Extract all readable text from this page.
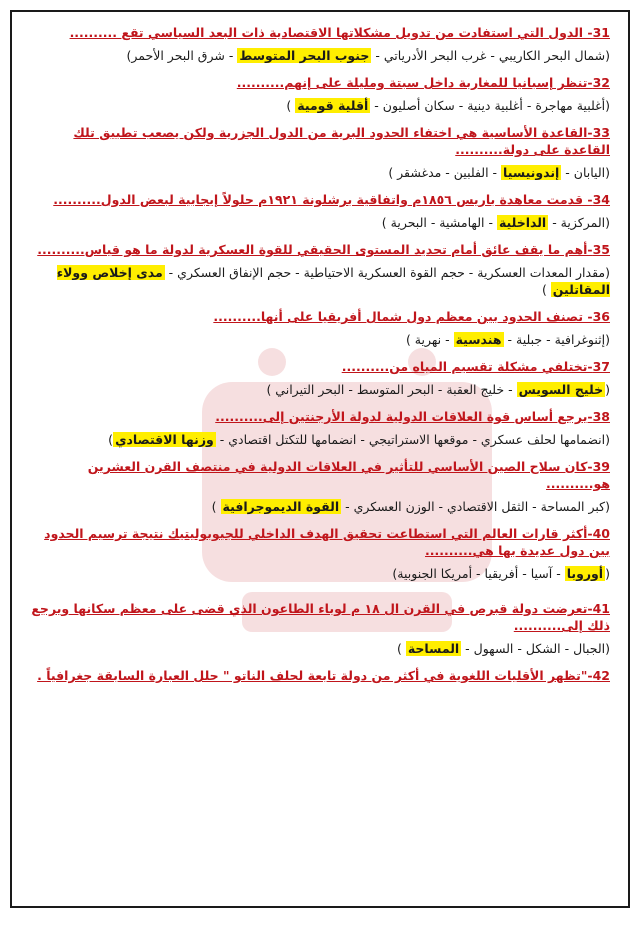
31- الدول التي استفادت من تدويل مشكلاتها الاقتصادية ذات البعد السياسي تقع ..........
(شمال البحر الكاريبي - غرب البحر الأدرياتي - جنوب البحر المتوسط - شرق البحر الأحمر)
32-تنظر إسبانيا للمغاربة داخل سبتة ومليلة على إنهم..........
(أغلبية مهاجرة - أغلبية دينية - سكان أصليون - أقلية قومية )
33-القاعدة الأساسية هي اختفاء الحدود البرية من الدول الجزرية ولكن يصعب تطبيق تلك القاعدة على دولة..........
(اليابان - إندونيسيا - الفلبين - مدغشقر )
34- قدمت معاهدة باريس ١٨٥٦م واتفاقية برشلونة ١٩٢١م حلولاً إيجابية لبعض الدول..........
(المركزية - الداخلية - الهامشية - البحرية )
35-أهم ما يقف عائق أمام تحديد المستوى الحقيقي للقوة العسكرية لدولة ما هو قياس..........
(مقدار المعدات العسكرية - حجم القوة العسكرية الاحتياطية - حجم الإنفاق العسكري - مدى إخلاص وولاء المقاتلين )
36- تصنف الحدود بين معظم دول شمال أفريقيا على أنها..........
(إثنوغرافية - جبلية - هندسية - نهرية )
37-تختلفي مشكلة تقسيم المياه من..........
(خليج السويس - خليج العقبة - البحر المتوسط - البحر التيراني )
38-يرجع أساس قوة العلاقات الدولية لدولة الأرجنتين إلى..........
(انضمامها لحلف عسكري - موقعها الاستراتيجي - انضمامها للتكتل اقتصادي - وزنها الاقتصادي)
39-كان سلاح الصين الأساسي للتأثير في العلاقات الدولية في منتصف القرن العشرين هو..........
(كبر المساحة - الثقل الاقتصادي - الوزن العسكري - القوة الديموجرافية )
40-أكثر قارات العالم التي استطاعت تحقيق الهدف الداخلي للجيوبوليتيك نتيجة ترسيم الحدود بين دول عديدة بها هي..........
(أوروبا - آسيا - أفريقيا - أمريكا الجنوبية)
41-تعرضت دولة قبرص في القرن ال ١٨ م لوباء الطاعون الذي قضى على معظم سكانها ويرجع ذلك إلى..........
(الجبال - الشكل - السهول - المساحة )
42-"تظهر الأقليات اللغوية في أكثر من دولة تابعة لحلف الناتو " حلل العبارة السابقة جغرافياً .
